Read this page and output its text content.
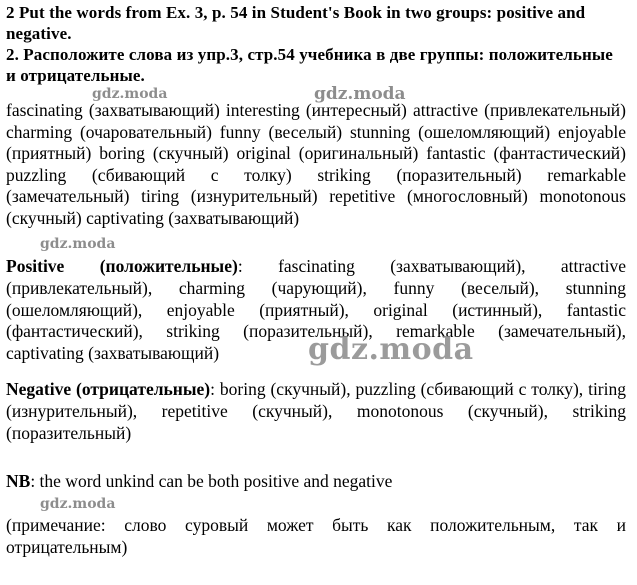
2 Put the words from Ex. 3, p. 54 in Student's Book in two groups: positive and negative.

2. Расположите слова из упр.3, стр.54 учебника в две группы: положительные и отрицательные.

fascinating (захватывающий) interesting (интересный) attractive (привлекательный) charming (очаровательный) funny (веселый) stunning (ошеломляющий) enjoyable (приятный) boring (скучный) original (оригинальный) fantastic (фантастический) puzzling (сбивающий с толку) striking (поразительный) remarkable (замечательный) tiring (изнурительный) repetitive (многословный) monotonous (скучный) captivating (захватывающий)

Positive (положительные): fascinating (захватывающий), attractive (привлекательный), charming (чарующий), funny (веселый), stunning (ошеломляющий), enjoyable (приятный), original (истинный), fantastic (фантастический), striking (поразительный), remarkable (замечательный), captivating (захватывающий)

Negative (отрицательные): boring (скучный), puzzling (сбивающий с толку), tiring (изнурительный), repetitive (скучный), monotonous (скучный), striking (поразительный)

NB: the word unkind can be both positive and negative

(примечание: слово суровый может быть как положительным, так и отрицательным)

gdz.moda	gdz.moda
gdz.moda
gdz.moda
gdz.moda
